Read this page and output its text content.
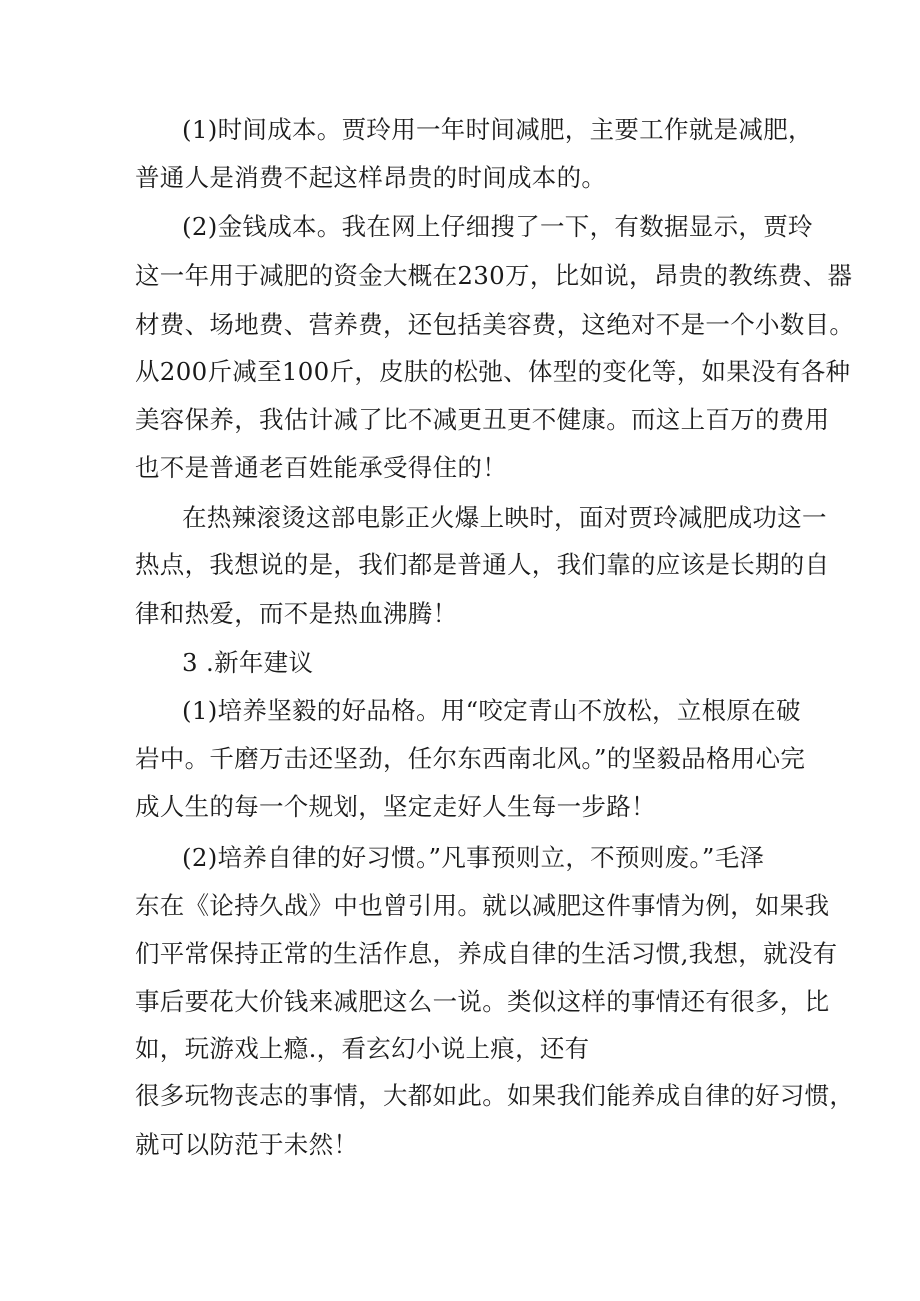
(1)时间成本。贾玲用一年时间减肥，主要工作就是减肥，

普通人是消费不起这样昂贵的时间成本的。

(2)金钱成本。我在网上仔细搜了一下，有数据显示，贾玲

这一年用于减肥的资金大概在230万，比如说，昂贵的教练费、器

材费、场地费、营养费，还包括美容费，这绝对不是一个小数目。

从200斤减至100斤，皮肤的松弛、体型的变化等，如果没有各种

美容保养，我估计减了比不减更丑更不健康。而这上百万的费用

也不是普通老百姓能承受得住的！

在热辣滚烫这部电影正火爆上映时，面对贾玲减肥成功这一

热点，我想说的是，我们都是普通人，我们靠的应该是长期的自

律和热爱，而不是热血沸腾！

3 .新年建议

(1)培养坚毅的好品格。用“咬定青山不放松，立根原在破

岩中。千磨万击还坚劲，任尔东西南北风。”的坚毅品格用心完

成人生的每一个规划，坚定走好人生每一步路！

(2)培养自律的好习惯。”凡事预则立，不预则废。”毛泽

东在《论持久战》中也曾引用。就以减肥这件事情为例，如果我

们平常保持正常的生活作息，养成自律的生活习惯,我想，就没有

事后要花大价钱来减肥这么一说。类似这样的事情还有很多，比

如，玩游戏上瘾.，看玄幻小说上痕，还有

很多玩物丧志的事情，大都如此。如果我们能养成自律的好习惯，

就可以防范于未然！
